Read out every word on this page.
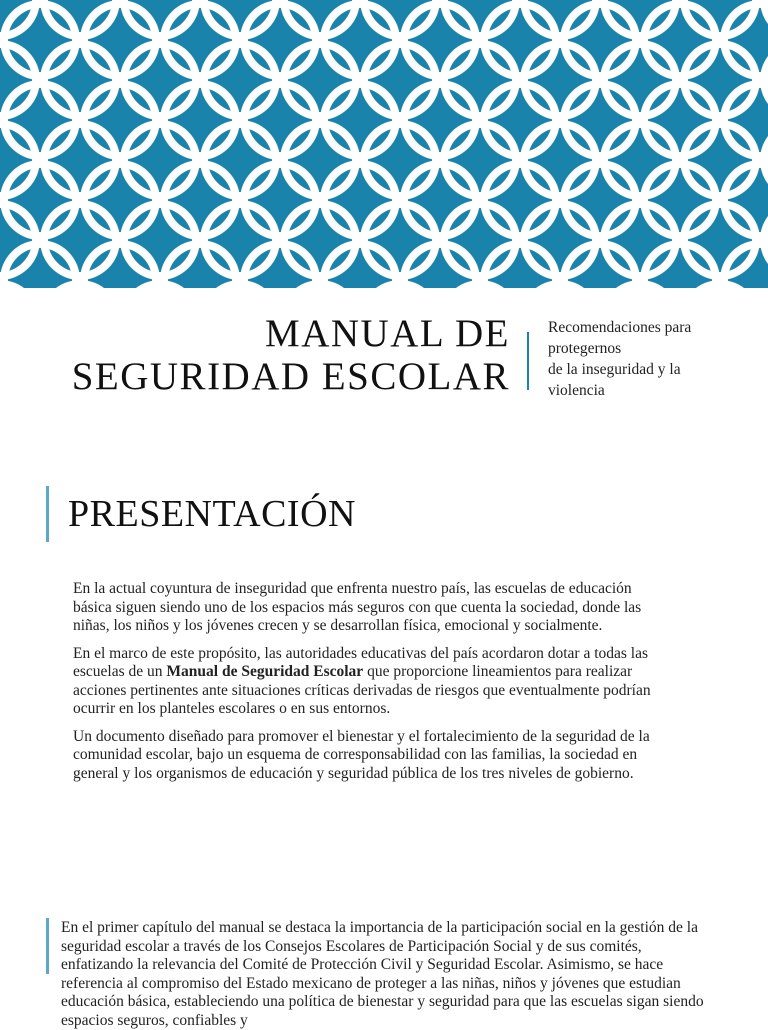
MANUAL DE
SEGURIDAD ESCOLAR
Recomendaciones para
protegernos
de la inseguridad y la
violencia
PRESENTACIÓN

En la actual coyuntura de inseguridad que enfrenta nuestro país, las escuelas de educación básica siguen siendo uno de los espacios más seguros con que cuenta la sociedad, donde las niñas, los niños y los jóvenes crecen y se desarrollan física, emocional y socialmente.

En el marco de este propósito, las autoridades educativas del país acordaron dotar a todas las escuelas de un Manual de Seguridad Escolar que proporcione lineamientos para realizar acciones pertinentes ante situaciones críticas derivadas de riesgos que eventualmente podrían ocurrir en los planteles escolares o en sus entornos.

Un documento diseñado para promover el bienestar y el fortalecimiento de la seguridad de la comunidad escolar, bajo un esquema de corresponsabilidad con las familias, la sociedad en general y los organismos de educación y seguridad pública de los tres niveles de gobierno.

En el primer capítulo del manual se destaca la importancia de la participación social en la gestión de la seguridad escolar a través de los Consejos Escolares de Participación Social y de sus comités, enfatizando la relevancia del Comité de Protección Civil y Seguridad Escolar. Asimismo, se hace referencia al compromiso del Estado mexicano de proteger a las niñas, niños y jóvenes que estudian educación básica, estableciendo una política de bienestar y seguridad para que las escuelas sigan siendo espacios seguros, confiables y
